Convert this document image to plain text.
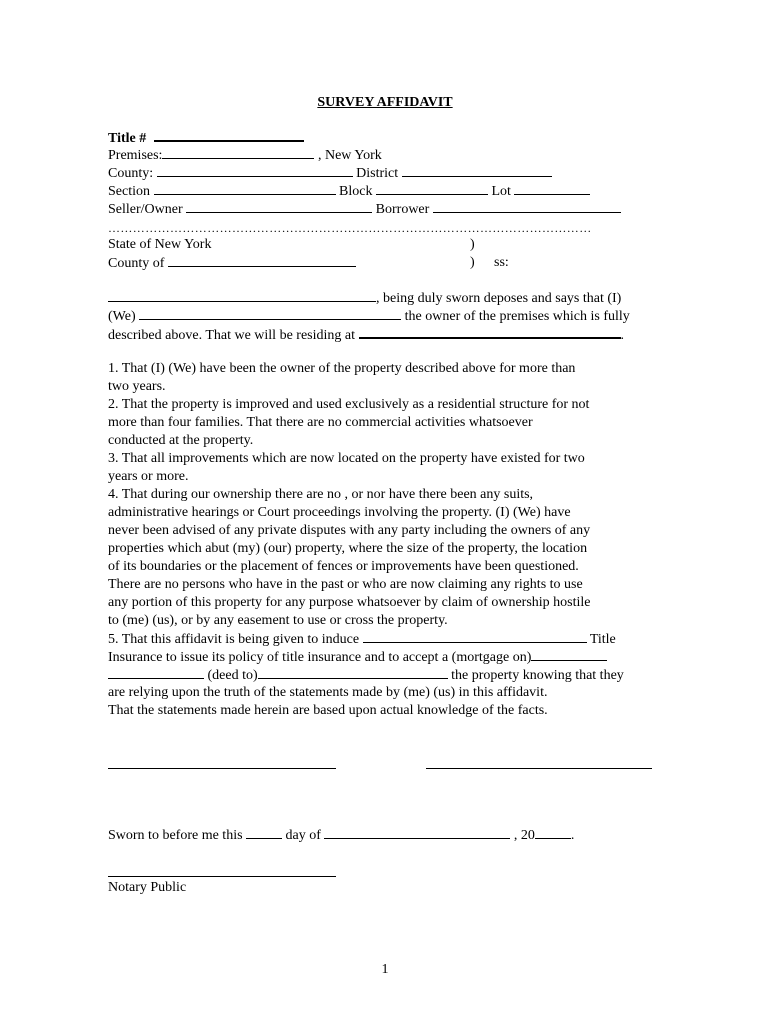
SURVEY AFFIDAVIT
Title #
Premises:	, New York
County:	District
Section	Block	Lot
Seller/Owner	Borrower
………………………………………………………………………………………………………
State of New York	)
County of	) ss:
, being duly sworn deposes and says that (I)
(We)	the owner of the premises which is fully
described above. That we will be residing at	.
1. That (I) (We) have been the owner of the property described above for more than
two years.
2. That the property is improved and used exclusively as a residential structure for not
more than four families. That there are no commercial activities whatsoever
conducted at the property.
3. That all improvements which are now located on the property have existed for two
years or more.
4. That during our ownership there are no , or nor have there been any suits,
administrative hearings or Court proceedings involving the property. (I) (We) have
never been advised of any private disputes with any party including the owners of any
properties which abut (my) (our) property, where the size of the property, the location
of its boundaries or the placement of fences or improvements have been questioned.
There are no persons who have in the past or who are now claiming any rights to use
any portion of this property for any purpose whatsoever by claim of ownership hostile
to (me) (us), or by any easement to use or cross the property.
5. That this affidavit is being given to induce	Title
Insurance to issue its policy of title insurance and to accept a (mortgage on)
(deed to)	the property knowing that they
are relying upon the truth of the statements made by (me) (us) in this affidavit.
That the statements made herein are based upon actual knowledge of the facts.
Sworn to before me this	day of	, 20	.
Notary Public
1
